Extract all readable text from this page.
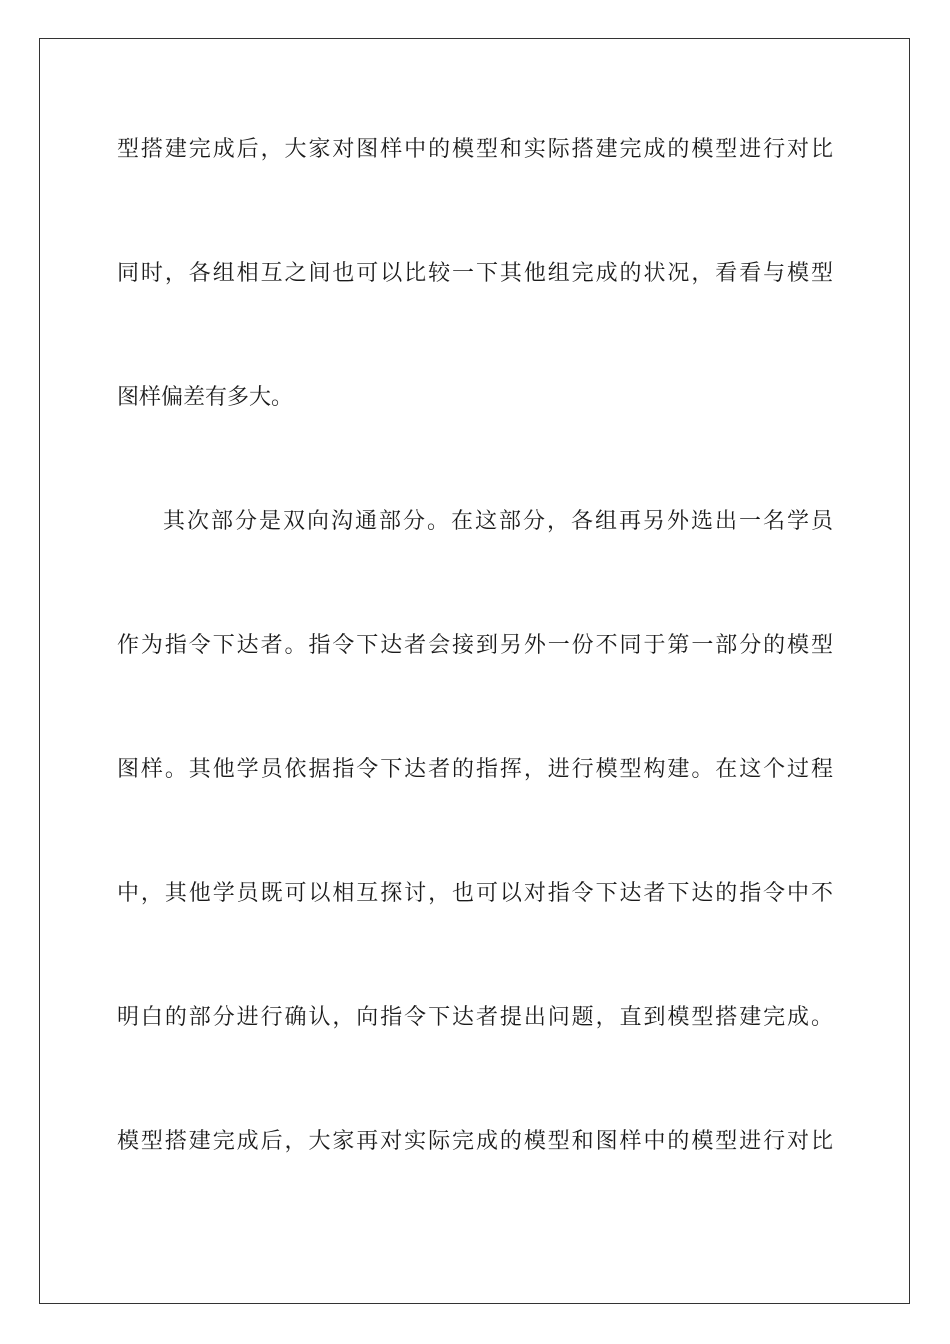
型搭建完成后，大家对图样中的模型和实际搭建完成的模型进行对比
同时，各组相互之间也可以比较一下其他组完成的状况，看看与模型
图样偏差有多大。
其次部分是双向沟通部分。在这部分，各组再另外选出一名学员
作为指令下达者。指令下达者会接到另外一份不同于第一部分的模型
图样。其他学员依据指令下达者的指挥，进行模型构建。在这个过程
中，其他学员既可以相互探讨，也可以对指令下达者下达的指令中不
明白的部分进行确认，向指令下达者提出问题，直到模型搭建完成。
模型搭建完成后，大家再对实际完成的模型和图样中的模型进行对比
